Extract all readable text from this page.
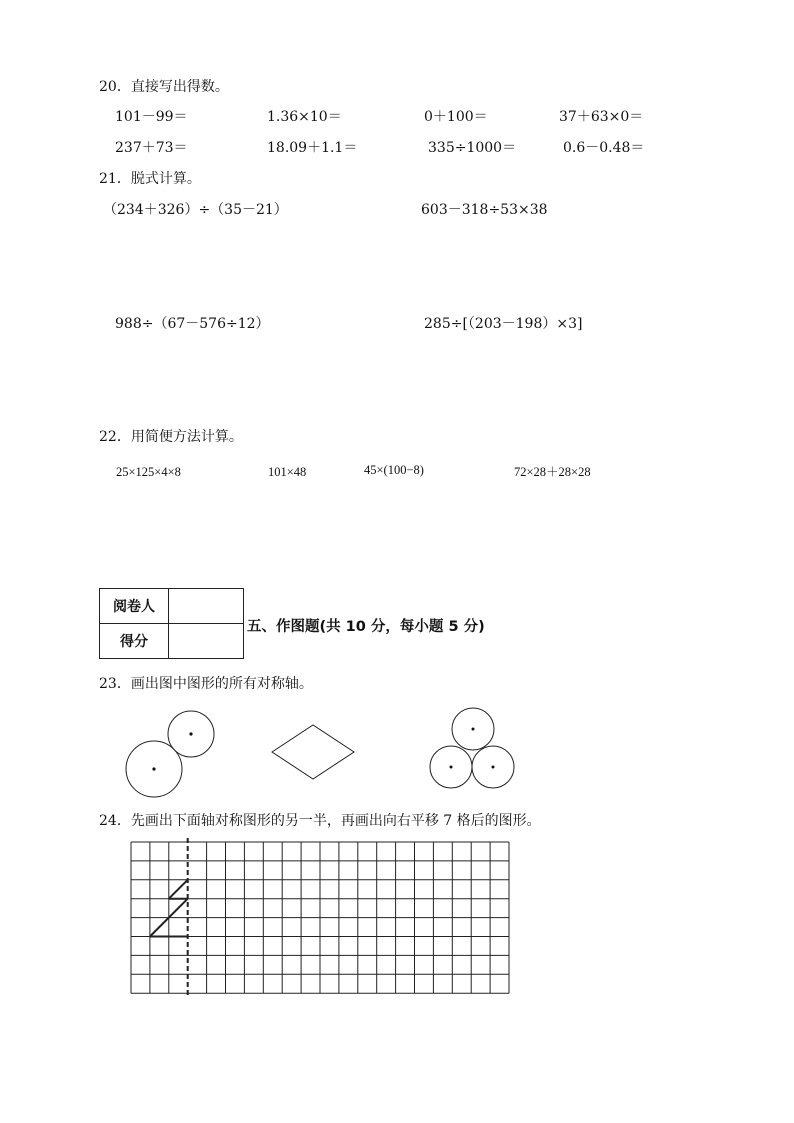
20．直接写出得数。
101－99＝	1.36×10＝	0＋100＝	37＋63×0＝
237＋73＝	18.09＋1.1＝	335÷1000＝	0.6－0.48＝
21．脱式计算。
（234＋326）÷（35－21）	603－318÷53×38
988÷（67－576÷12）	285÷[（203－198）×3]
22．用简便方法计算。
25×125×4×8	101×48	45×(100−8)	72×28＋28×28
阅卷人	
得分	
五、作图题(共 10 分，每小题 5 分)
23．画出图中图形的所有对称轴。
24．先画出下面轴对称图形的另一半，再画出向右平移 7 格后的图形。
